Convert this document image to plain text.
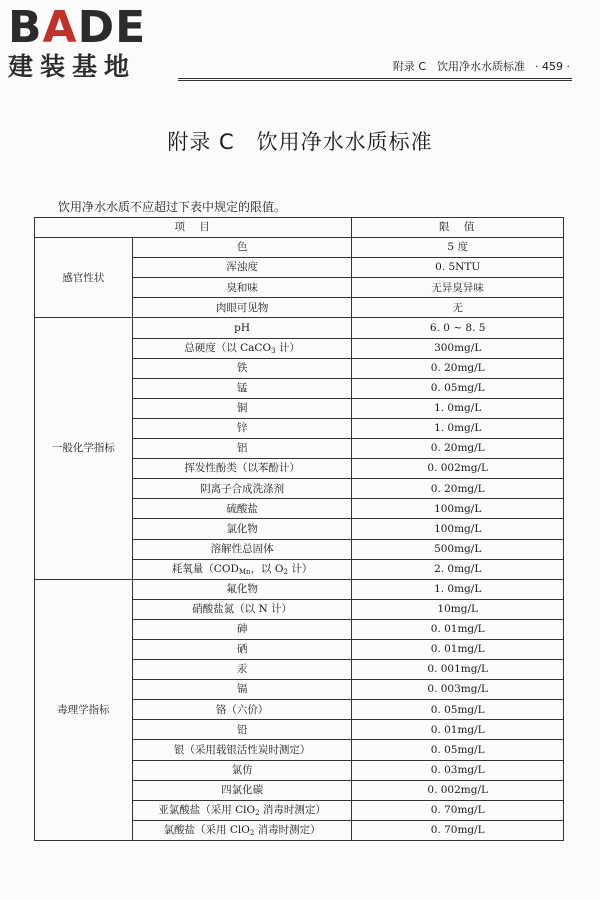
BADE
建装基地	附录 C　饮用净水水质标准 · 459 ·
附录 C　饮用净水水质标准
饮用净水水质不应超过下表中规定的限值。
项　目		限　值
感官性状	色	5 度
	浑浊度	0. 5NTU
	臭和味	无异臭异味
	肉眼可见物	无
一般化学指标	pH	6. 0 ~ 8. 5
	总硬度（以 CaCO$_3$ 计）	300mg/L
	铁	0. 20mg/L
	锰	0. 05mg/L
	铜	1. 0mg/L
	锌	1. 0mg/L
	铝	0. 20mg/L
	挥发性酚类（以苯酚计）	0. 002mg/L
	阴离子合成洗涤剂	0. 20mg/L
	硫酸盐	100mg/L
	氯化物	100mg/L
	溶解性总固体	500mg/L
	耗氧量（$COD_{Mn}$，以 $O_2$ 计）	2. 0mg/L
毒理学指标	氟化物	1. 0mg/L
	硝酸盐氮（以 N 计）	10mg/L
	砷	0. 01mg/L
	硒	0. 01mg/L
	汞	0. 001mg/L
	镉	0. 003mg/L
	铬（六价）	0. 05mg/L
	铅	0. 01mg/L
	银（采用载银活性炭时测定）	0. 05mg/L
	氯仿	0. 03mg/L
	四氯化碳	0. 002mg/L
	亚氯酸盐（采用 ClO$_2$ 消毒时测定）	0. 70mg/L
	氯酸盐（采用 ClO$_2$ 消毒时测定）	0. 70mg/L
